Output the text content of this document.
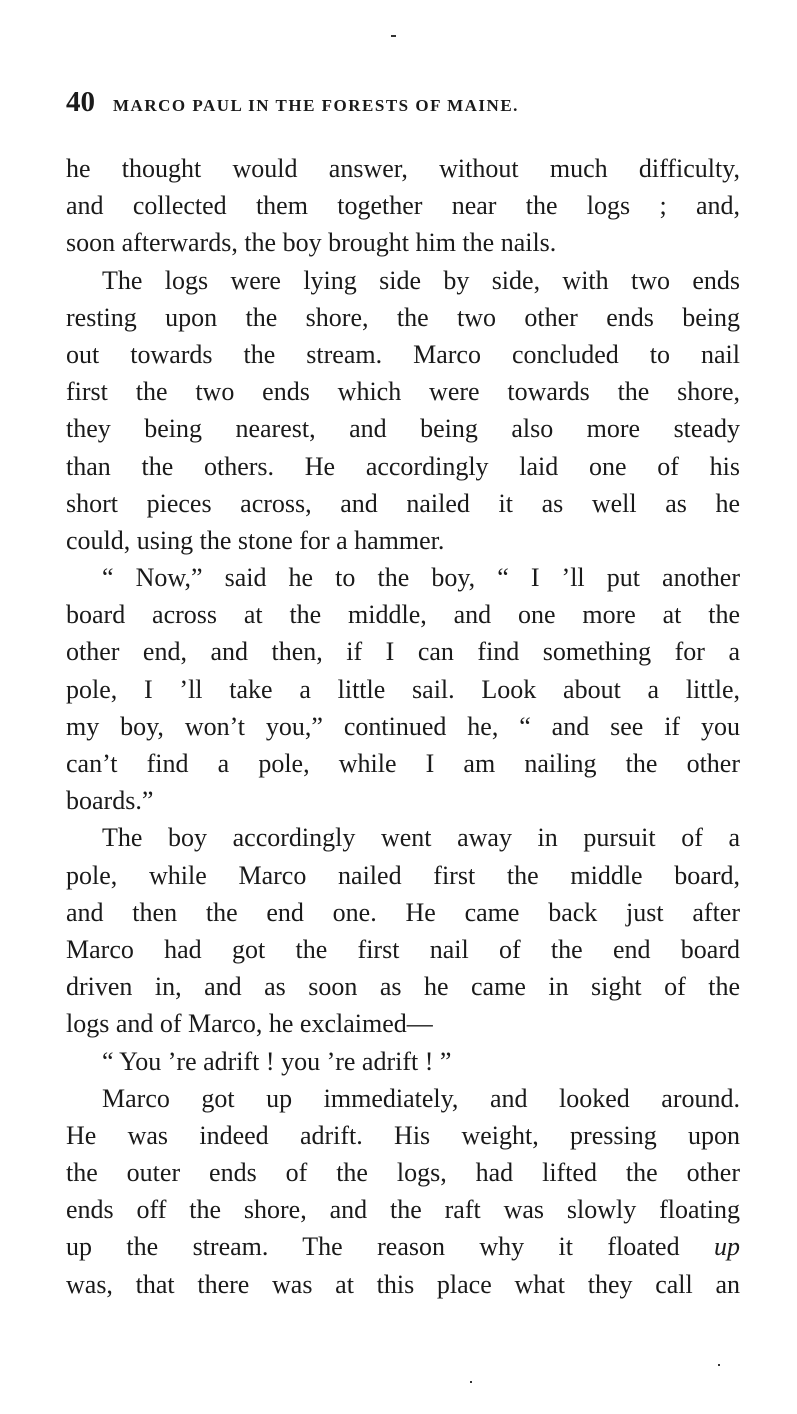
40 MARCO PAUL IN THE FORESTS OF MAINE.
he thought would answer, without much difficulty,
and collected them together near the logs ; and,
soon afterwards, the boy brought him the nails.
The logs were lying side by side, with two ends
resting upon the shore, the two other ends being
out towards the stream. Marco concluded to nail
first the two ends which were towards the shore,
they being nearest, and being also more steady
than the others. He accordingly laid one of his
short pieces across, and nailed it as well as he
could, using the stone for a hammer.
“ Now,” said he to the boy, “ I ’ll put another
board across at the middle, and one more at the
other end, and then, if I can find something for a
pole, I ’ll take a little sail. Look about a little,
my boy, won’t you,” continued he, “ and see if you
can’t find a pole, while I am nailing the other
boards.”
The boy accordingly went away in pursuit of a
pole, while Marco nailed first the middle board,
and then the end one. He came back just after
Marco had got the first nail of the end board
driven in, and as soon as he came in sight of the
logs and of Marco, he exclaimed—
“ You ’re adrift ! you ’re adrift ! ”
Marco got up immediately, and looked around.
He was indeed adrift. His weight, pressing upon
the outer ends of the logs, had lifted the other
ends off the shore, and the raft was slowly floating
up the stream. The reason why it floated up
was, that there was at this place what they call an
